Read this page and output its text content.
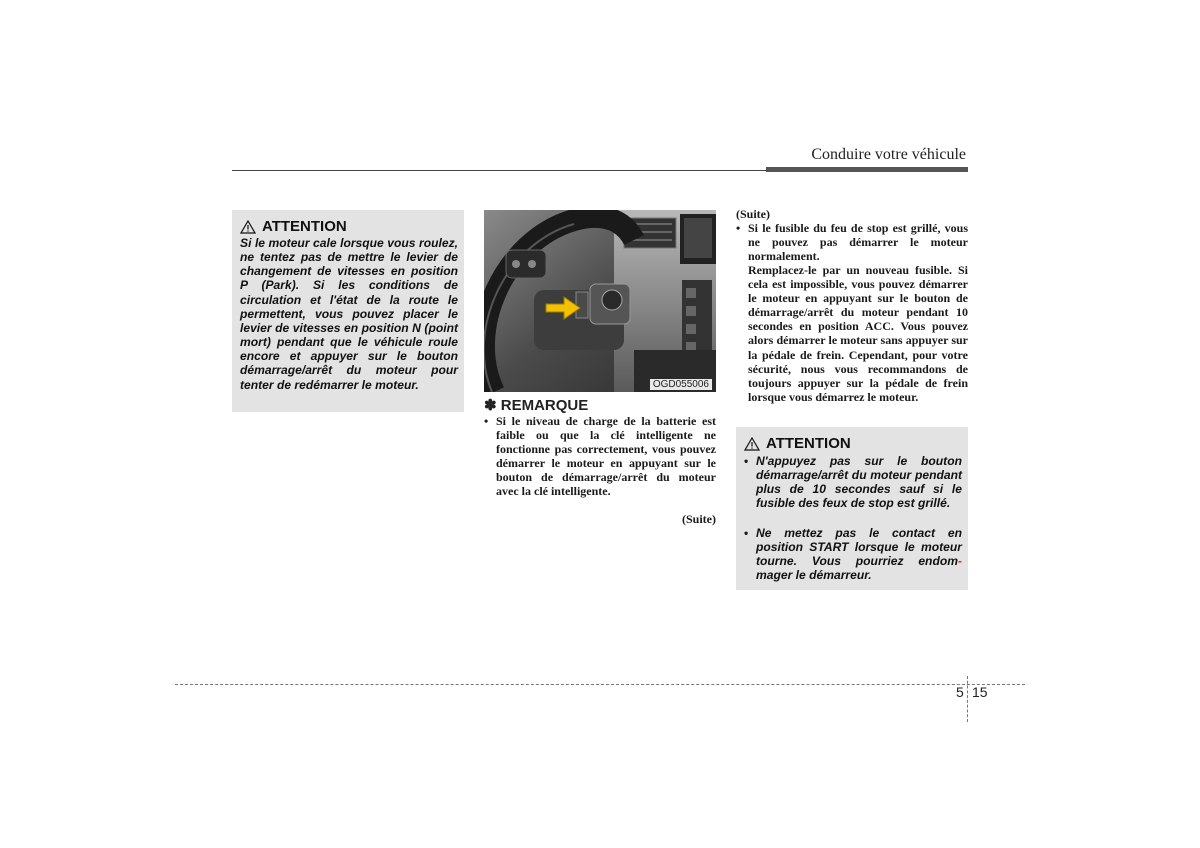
Conduire votre véhicule
ATTENTION
Si le moteur cale lorsque vous roulez, ne tentez pas de mettre le levier de changement de vitesses en position P (Park). Si les conditions de circulation et l'état de la route le permettent, vous pouvez placer le levier de vitesses en position N (point mort) pendant que le véhicule roule encore et appuyer sur le bouton démarrage/arrêt du moteur pour tenter de redémarrer le moteur.	OGD055006
✽ REMARQUE
• Si le niveau de charge de la batterie est faible ou que la clé intelligente ne fonctionne pas correctement, vous pouvez démarrer le moteur en appuyant sur le bouton de démarrage/arrêt du moteur avec la clé intelligente.
(Suite)
(Suite)
• Si le fusible du feu de stop est grillé, vous ne pouvez pas démarrer le moteur normalement.
Remplacez-le par un nouveau fusible. Si cela est impossible, vous pouvez démarrer le moteur en appuyant sur le bouton de démarrage/arrêt du moteur pendant 10 secondes en position ACC. Vous pouvez alors démarrer le moteur sans appuyer sur la pédale de frein. Cependant, pour votre sécurité, nous vous recommandons de toujours appuyer sur la pédale de frein lorsque vous démarrez le moteur.
ATTENTION
• N'appuyez pas sur le bouton démarrage/arrêt du moteur pendant plus de 10 secondes sauf si le fusible des feux de stop est grillé.
• Ne mettez pas le contact en position START lorsque le moteur tourne. Vous pourriez endom- mager le démarreur.
5 15
